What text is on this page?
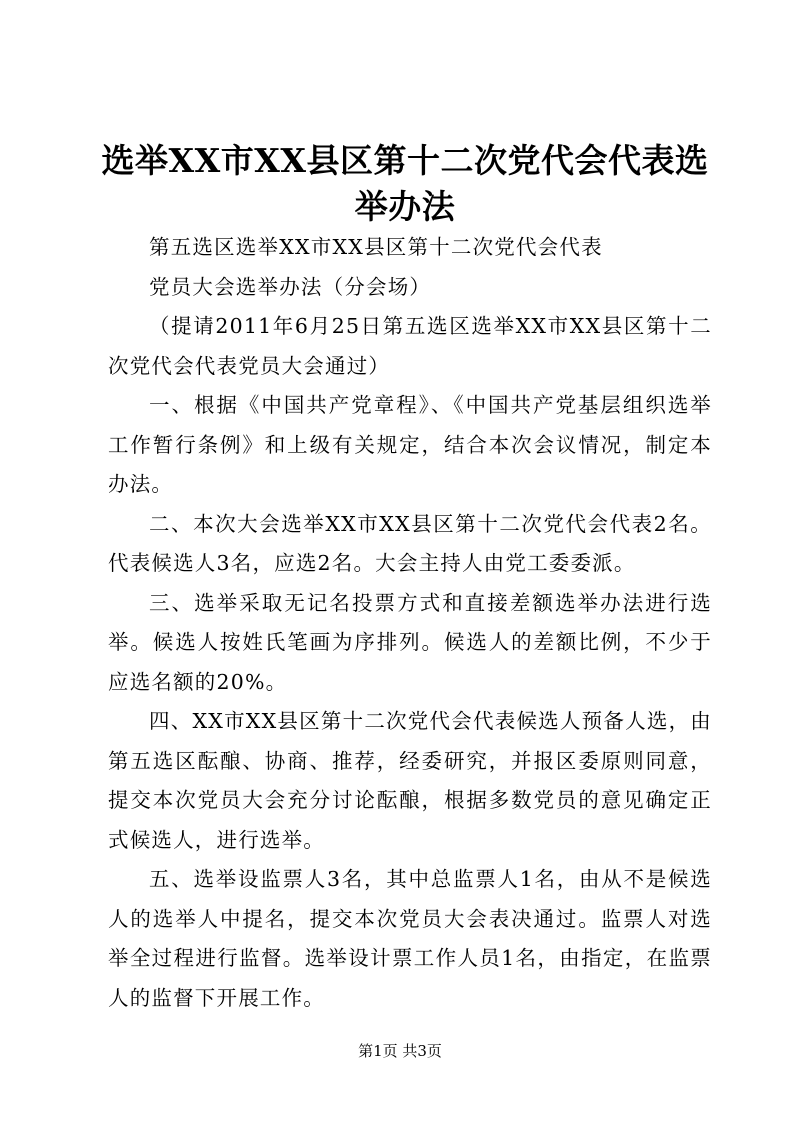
选举XX市XX县区第十二次党代会代表选举办法

第五选区选举XX市XX县区第十二次党代会代表

党员大会选举办法（分会场）

（提请2011年6月25日第五选区选举XX市XX县区第十二次党代会代表党员大会通过）

一、根据《中国共产党章程》、《中国共产党基层组织选举工作暂行条例》和上级有关规定，结合本次会议情况，制定本办法。

二、本次大会选举XX市XX县区第十二次党代会代表2名。代表候选人3名，应选2名。大会主持人由党工委委派。

三、选举采取无记名投票方式和直接差额选举办法进行选举。候选人按姓氏笔画为序排列。候选人的差额比例，不少于应选名额的20%。

四、XX市XX县区第十二次党代会代表候选人预备人选，由第五选区酝酿、协商、推荐，经委研究，并报区委原则同意，提交本次党员大会充分讨论酝酿，根据多数党员的意见确定正式候选人，进行选举。

五、选举设监票人3名，其中总监票人1名，由从不是候选人的选举人中提名，提交本次党员大会表决通过。监票人对选举全过程进行监督。选举设计票工作人员1名，由指定，在监票人的监督下开展工作。

第1页 共3页
